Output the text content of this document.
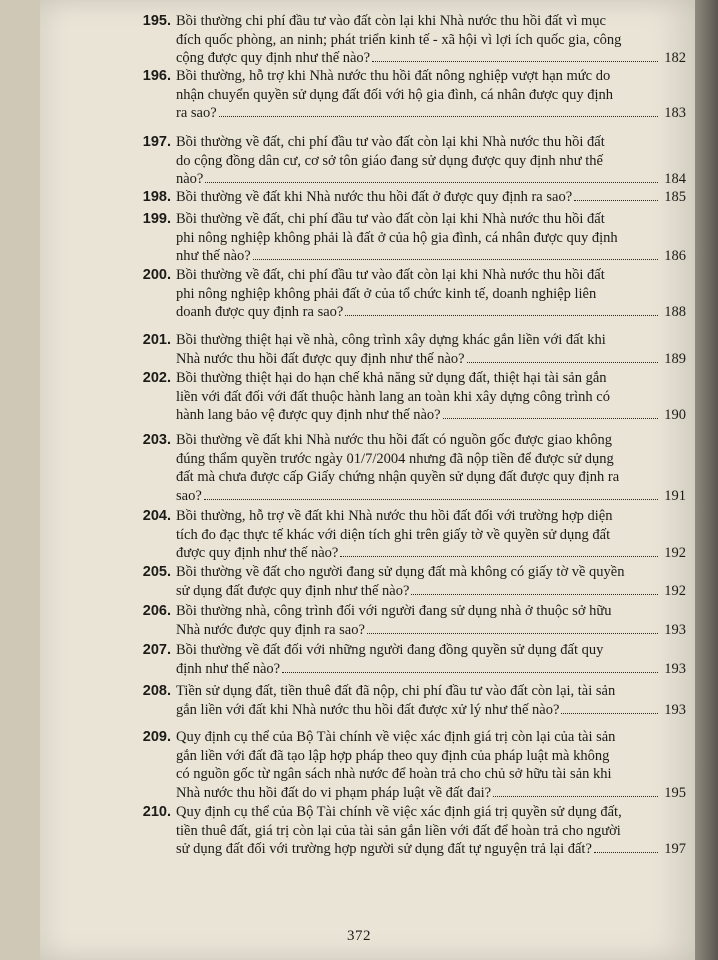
195. Bồi thường chi phí đầu tư vào đất còn lại khi Nhà nước thu hồi đất vì mục
đích quốc phòng, an ninh; phát triển kinh tế - xã hội vì lợi ích quốc gia, công
cộng được quy định như thế nào?	182
196. Bồi thường, hỗ trợ khi Nhà nước thu hồi đất nông nghiệp vượt hạn mức do
nhận chuyển quyền sử dụng đất đối với hộ gia đình, cá nhân được quy định
ra sao?	183
197. Bồi thường về đất, chi phí đầu tư vào đất còn lại khi Nhà nước thu hồi đất
do cộng đồng dân cư, cơ sở tôn giáo đang sử dụng được quy định như thế
nào?	184
198. Bồi thường về đất khi Nhà nước thu hồi đất ở được quy định ra sao?	185
199. Bồi thường về đất, chi phí đầu tư vào đất còn lại khi Nhà nước thu hồi đất
phi nông nghiệp không phải là đất ở của hộ gia đình, cá nhân được quy định
như thế nào?	186
200. Bồi thường về đất, chi phí đầu tư vào đất còn lại khi Nhà nước thu hồi đất
phi nông nghiệp không phải đất ở của tổ chức kinh tế, doanh nghiệp liên
doanh được quy định ra sao?	188
201. Bồi thường thiệt hại về nhà, công trình xây dựng khác gắn liền với đất khi
Nhà nước thu hồi đất được quy định như thế nào?	189
202. Bồi thường thiệt hại do hạn chế khả năng sử dụng đất, thiệt hại tài sản gắn
liền với đất đối với đất thuộc hành lang an toàn khi xây dựng công trình có
hành lang bảo vệ được quy định như thế nào?	190
203. Bồi thường về đất khi Nhà nước thu hồi đất có nguồn gốc được giao không
đúng thẩm quyền trước ngày 01/7/2004 nhưng đã nộp tiền để được sử dụng
đất mà chưa được cấp Giấy chứng nhận quyền sử dụng đất được quy định ra
sao?	191
204. Bồi thường, hỗ trợ về đất khi Nhà nước thu hồi đất đối với trường hợp diện
tích đo đạc thực tế khác với diện tích ghi trên giấy tờ về quyền sử dụng đất
được quy định như thế nào?	192
205. Bồi thường về đất cho người đang sử dụng đất mà không có giấy tờ về quyền
sử dụng đất được quy định như thế nào?	192
206. Bồi thường nhà, công trình đối với người đang sử dụng nhà ở thuộc sở hữu
Nhà nước được quy định ra sao?	193
207. Bồi thường về đất đối với những người đang đồng quyền sử dụng đất quy
định như thế nào?	193
208. Tiền sử dụng đất, tiền thuê đất đã nộp, chi phí đầu tư vào đất còn lại, tài sản
gắn liền với đất khi Nhà nước thu hồi đất được xử lý như thế nào?	193
209. Quy định cụ thể của Bộ Tài chính về việc xác định giá trị còn lại của tài sản
gắn liền với đất đã tạo lập hợp pháp theo quy định của pháp luật mà không
có nguồn gốc từ ngân sách nhà nước để hoàn trả cho chủ sở hữu tài sản khi
Nhà nước thu hồi đất do vi phạm pháp luật về đất đai?	195
210. Quy định cụ thể của Bộ Tài chính về việc xác định giá trị quyền sử dụng đất,
tiền thuê đất, giá trị còn lại của tài sản gắn liền với đất để hoàn trả cho người
sử dụng đất đối với trường hợp người sử dụng đất tự nguyện trả lại đất?	197
372
